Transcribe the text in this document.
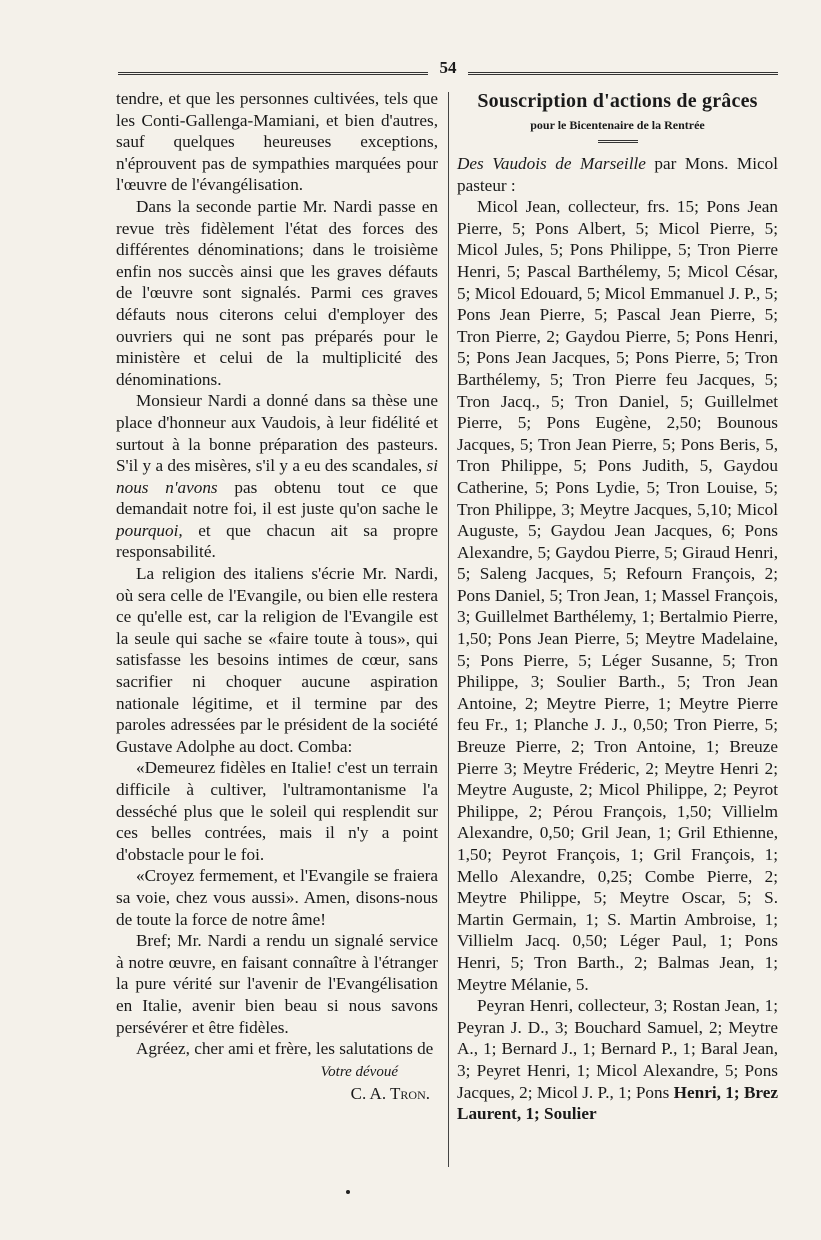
54

tendre, et que les personnes cultivées, tels que les Conti-Gallenga-Mamiani, et bien d'autres, sauf quelques heureuses exceptions, n'éprouvent pas de sympathies marquées pour l'œuvre de l'évangélisation.

Dans la seconde partie Mr. Nardi passe en revue très fidèlement l'état des forces des différentes dénominations; dans le troisième enfin nos succès ainsi que les graves défauts de l'œuvre sont signalés. Parmi ces graves défauts nous citerons celui d'employer des ouvriers qui ne sont pas préparés pour le ministère et celui de la multiplicité des dénominations.

Monsieur Nardi a donné dans sa thèse une place d'honneur aux Vaudois, à leur fidélité et surtout à la bonne préparation des pasteurs. S'il y a des misères, s'il y a eu des scandales, si nous n'avons pas obtenu tout ce que demandait notre foi, il est juste qu'on sache le pourquoi, et que chacun ait sa propre responsabilité.

La religion des italiens s'écrie Mr. Nardi, où sera celle de l'Evangile, ou bien elle restera ce qu'elle est, car la religion de l'Evangile est la seule qui sache se «faire toute à tous», qui satisfasse les besoins intimes de cœur, sans sacrifier ni choquer aucune aspiration nationale légitime, et il termine par des paroles adressées par le président de la société Gustave Adolphe au doct. Comba:

«Demeurez fidèles en Italie! c'est un terrain difficile à cultiver, l'ultramontanisme l'a desséché plus que le soleil qui resplendit sur ces belles contrées, mais il n'y a point d'obstacle pour le foi.

«Croyez fermement, et l'Evangile se fraiera sa voie, chez vous aussi». Amen, disons-nous de toute la force de notre âme!

Bref; Mr. Nardi a rendu un signalé service à notre œuvre, en faisant connaître à l'étranger la pure vérité sur l'avenir de l'Evangélisation en Italie, avenir bien beau si nous savons persévérer et être fidèles.

Agréez, cher ami et frère, les salutations de

Votre dévoué
C. A. Tron.

Souscription d'actions de grâces

pour le Bicentenaire de la Rentrée

Des Vaudois de Marseille par Mons. Micol pasteur :

Micol Jean, collecteur, frs. 15; Pons Jean Pierre, 5; Pons Albert, 5; Micol Pierre, 5; Micol Jules, 5; Pons Philippe, 5; Tron Pierre Henri, 5; Pascal Barthélemy, 5; Micol César, 5; Micol Edouard, 5; Micol Emmanuel J. P., 5; Pons Jean Pierre, 5; Pascal Jean Pierre, 5; Tron Pierre, 2; Gaydou Pierre, 5; Pons Henri, 5; Pons Jean Jacques, 5; Pons Pierre, 5; Tron Barthélemy, 5; Tron Pierre feu Jacques, 5; Tron Jacq., 5; Tron Daniel, 5; Guillelmet Pierre, 5; Pons Eugène, 2,50; Bounous Jacques, 5; Tron Jean Pierre, 5; Pons Beris, 5, Tron Philippe, 5; Pons Judith, 5, Gaydou Catherine, 5; Pons Lydie, 5; Tron Louise, 5; Tron Philippe, 3; Meytre Jacques, 5,10; Micol Auguste, 5; Gaydou Jean Jacques, 6; Pons Alexandre, 5; Gaydou Pierre, 5; Giraud Henri, 5; Saleng Jacques, 5; Refourn François, 2; Pons Daniel, 5; Tron Jean, 1; Massel François, 3; Guillelmet Barthélemy, 1; Bertalmio Pierre, 1,50; Pons Jean Pierre, 5; Meytre Madelaine, 5; Pons Pierre, 5; Léger Susanne, 5; Tron Philippe, 3; Soulier Barth., 5; Tron Jean Antoine, 2; Meytre Pierre, 1; Meytre Pierre feu Fr., 1; Planche J. J., 0,50; Tron Pierre, 5; Breuze Pierre, 2; Tron Antoine, 1; Breuze Pierre 3; Meytre Fréderic, 2; Meytre Henri 2; Meytre Auguste, 2; Micol Philippe, 2; Peyrot Philippe, 2; Pérou François, 1,50; Villielm Alexandre, 0,50; Gril Jean, 1; Gril Ethienne, 1,50; Peyrot François, 1; Gril François, 1; Mello Alexandre, 0,25; Combe Pierre, 2; Meytre Philippe, 5; Meytre Oscar, 5; S. Martin Germain, 1; S. Martin Ambroise, 1; Villielm Jacq. 0,50; Léger Paul, 1; Pons Henri, 5; Tron Barth., 2; Balmas Jean, 1; Meytre Mélanie, 5.

Peyran Henri, collecteur, 3; Rostan Jean, 1; Peyran J. D., 3; Bouchard Samuel, 2; Meytre A., 1; Bernard J., 1; Bernard P., 1; Baral Jean, 3; Peyret Henri, 1; Micol Alexandre, 5; Pons Jacques, 2; Micol J. P., 1; Pons Henri, 1; Brez Laurent, 1; Soulier
